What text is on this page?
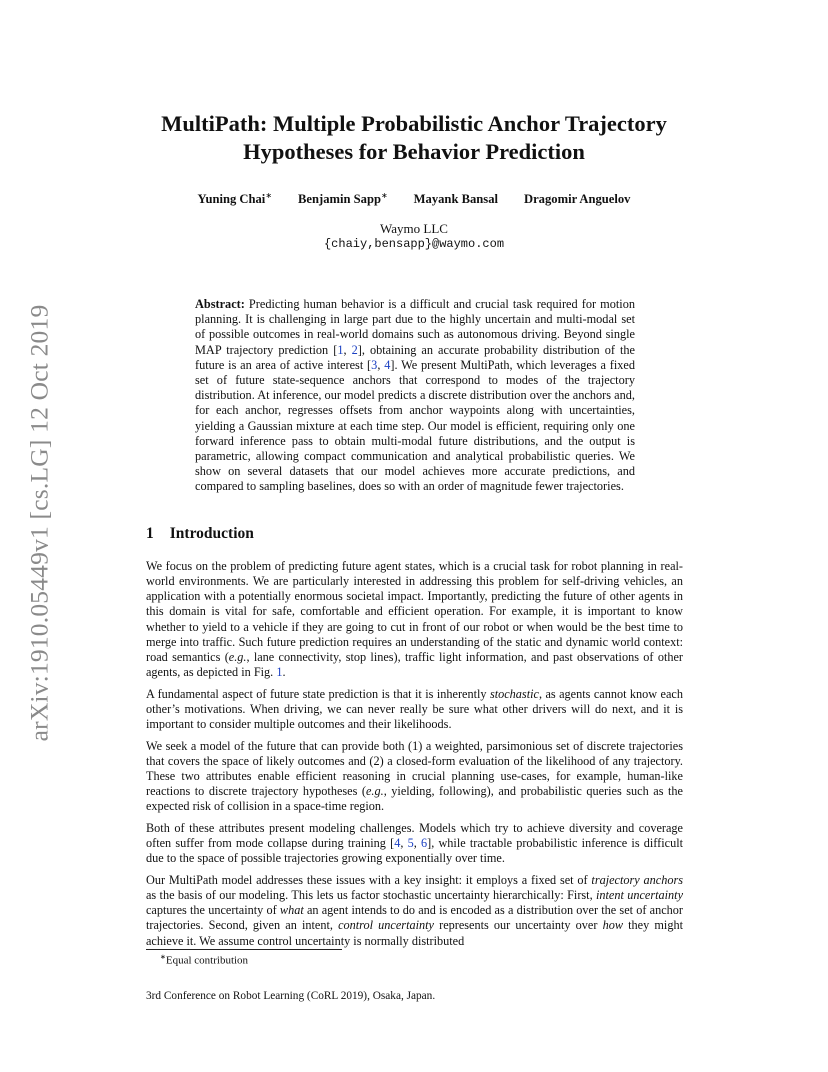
arXiv:1910.05449v1 [cs.LG] 12 Oct 2019
MultiPath: Multiple Probabilistic Anchor Trajectory
Hypotheses for Behavior Prediction
Yuning Chai∗ Benjamin Sapp∗ Mayank Bansal Dragomir Anguelov
Waymo LLC
{chaiy,bensapp}@waymo.com
Abstract: Predicting human behavior is a difficult and crucial task required for motion planning. It is challenging in large part due to the highly uncertain and multi-modal set of possible outcomes in real-world domains such as autonomous driving. Beyond single MAP trajectory prediction [1, 2], obtaining an accurate probability distribution of the future is an area of active interest [3, 4]. We present MultiPath, which leverages a fixed set of future state-sequence anchors that correspond to modes of the trajectory distribution. At inference, our model predicts a discrete distribution over the anchors and, for each anchor, regresses offsets from anchor waypoints along with uncertainties, yielding a Gaussian mixture at each time step. Our model is efficient, requiring only one forward inference pass to obtain multi-modal future distributions, and the output is parametric, allowing compact communication and analytical probabilistic queries. We show on several datasets that our model achieves more accurate predictions, and compared to sampling baselines, does so with an order of magnitude fewer trajectories.
1 Introduction

We focus on the problem of predicting future agent states, which is a crucial task for robot planning in real-world environments. We are particularly interested in addressing this problem for self-driving vehicles, an application with a potentially enormous societal impact. Importantly, predicting the future of other agents in this domain is vital for safe, comfortable and efficient operation. For example, it is important to know whether to yield to a vehicle if they are going to cut in front of our robot or when would be the best time to merge into traffic. Such future prediction requires an understanding of the static and dynamic world context: road semantics (e.g., lane connectivity, stop lines), traffic light information, and past observations of other agents, as depicted in Fig. 1.

A fundamental aspect of future state prediction is that it is inherently stochastic, as agents cannot know each other’s motivations. When driving, we can never really be sure what other drivers will do next, and it is important to consider multiple outcomes and their likelihoods.

We seek a model of the future that can provide both (1) a weighted, parsimonious set of discrete trajectories that covers the space of likely outcomes and (2) a closed-form evaluation of the likelihood of any trajectory. These two attributes enable efficient reasoning in crucial planning use-cases, for example, human-like reactions to discrete trajectory hypotheses (e.g., yielding, following), and probabilistic queries such as the expected risk of collision in a space-time region.

Both of these attributes present modeling challenges. Models which try to achieve diversity and coverage often suffer from mode collapse during training [4, 5, 6], while tractable probabilistic inference is difficult due to the space of possible trajectories growing exponentially over time.

Our MultiPath model addresses these issues with a key insight: it employs a fixed set of trajectory anchors as the basis of our modeling. This lets us factor stochastic uncertainty hierarchically: First, intent uncertainty captures the uncertainty of what an agent intends to do and is encoded as a distribution over the set of anchor trajectories. Second, given an intent, control uncertainty represents our uncertainty over how they might achieve it. We assume control uncertainty is normally distributed

∗Equal contribution
3rd Conference on Robot Learning (CoRL 2019), Osaka, Japan.
